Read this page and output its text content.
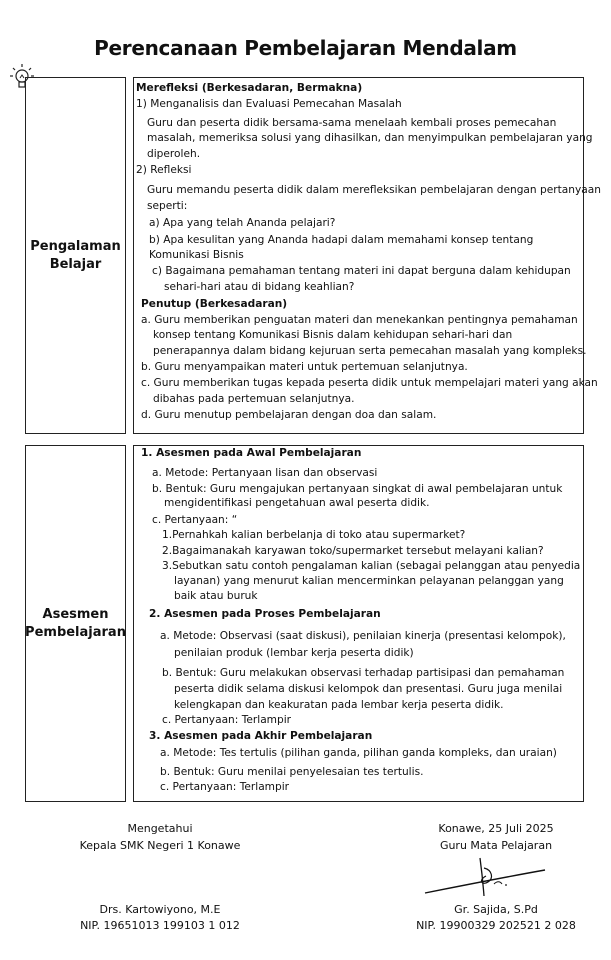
Perencanaan Pembelajaran Mendalam
Pengalaman
Belajar
Merefleksi (Berkesadaran, Bermakna)
1) Menganalisis dan Evaluasi Pemecahan Masalah
Guru dan peserta didik bersama-sama menelaah kembali proses pemecahan
masalah, memeriksa solusi yang dihasilkan, dan menyimpulkan pembelajaran yang
diperoleh.
2) Refleksi
Guru memandu peserta didik dalam merefleksikan pembelajaran dengan pertanyaan
seperti:
a) Apa yang telah Ananda pelajari?
b) Apa kesulitan yang Ananda hadapi dalam memahami konsep tentang
Komunikasi Bisnis
c) Bagaimana pemahaman tentang materi ini dapat berguna dalam kehidupan
sehari-hari atau di bidang keahlian?
Penutup (Berkesadaran)
a. Guru memberikan penguatan materi dan menekankan pentingnya pemahaman
konsep tentang Komunikasi Bisnis dalam kehidupan sehari-hari dan
penerapannya dalam bidang kejuruan serta pemecahan masalah yang kompleks.
b. Guru menyampaikan materi untuk pertemuan selanjutnya.
c. Guru memberikan tugas kepada peserta didik untuk mempelajari materi yang akan
dibahas pada pertemuan selanjutnya.
d. Guru menutup pembelajaran dengan doa dan salam.
Asesmen
Pembelajaran
1. Asesmen pada Awal Pembelajaran
a. Metode: Pertanyaan lisan dan observasi
b. Bentuk: Guru mengajukan pertanyaan singkat di awal pembelajaran untuk
mengidentifikasi pengetahuan awal peserta didik.
c. Pertanyaan: “
1.Pernahkah kalian berbelanja di toko atau supermarket?
2.Bagaimanakah karyawan toko/supermarket tersebut melayani kalian?
3.Sebutkan satu contoh pengalaman kalian (sebagai pelanggan atau penyedia
layanan) yang menurut kalian mencerminkan pelayanan pelanggan yang
baik atau buruk
2. Asesmen pada Proses Pembelajaran
a. Metode: Observasi (saat diskusi), penilaian kinerja (presentasi kelompok),
penilaian produk (lembar kerja peserta didik)
b. Bentuk: Guru melakukan observasi terhadap partisipasi dan pemahaman
peserta didik selama diskusi kelompok dan presentasi. Guru juga menilai
kelengkapan dan keakuratan pada lembar kerja peserta didik.
c. Pertanyaan: Terlampir
3. Asesmen pada Akhir Pembelajaran
a. Metode: Tes tertulis (pilihan ganda, pilihan ganda kompleks, dan uraian)
b. Bentuk: Guru menilai penyelesaian tes tertulis.
c. Pertanyaan: Terlampir
Mengetahui
Kepala SMK Negeri 1 Konawe
Drs. Kartowiyono, M.E
NIP. 19651013 199103 1 012
Konawe, 25 Juli 2025
Guru Mata Pelajaran
Gr. Sajida, S.Pd
NIP. 19900329 202521 2 028
